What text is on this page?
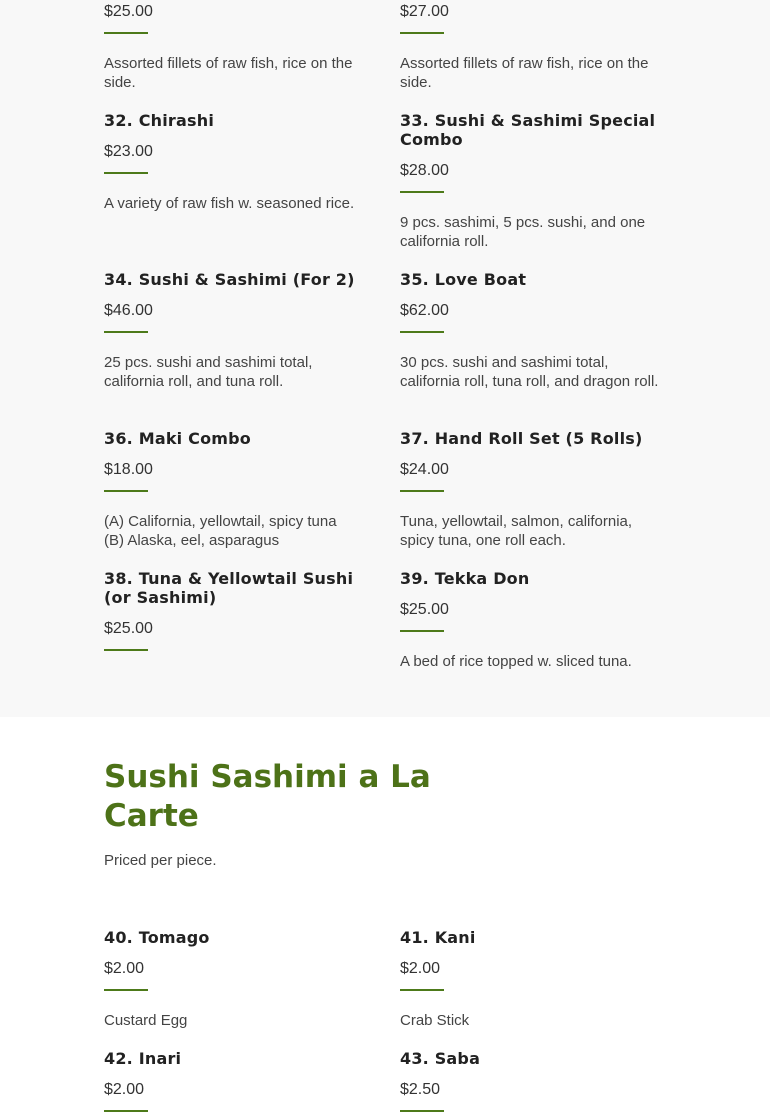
$25.00
Assorted fillets of raw fish, rice on the side.
$27.00
Assorted fillets of raw fish, rice on the side.
32. Chirashi
$23.00
A variety of raw fish w. seasoned rice.
33. Sushi & Sashimi Special Combo
$28.00
9 pcs. sashimi, 5 pcs. sushi, and one california roll.
34. Sushi & Sashimi (For 2)
$46.00
25 pcs. sushi and sashimi total, california roll, and tuna roll.
35. Love Boat
$62.00
30 pcs. sushi and sashimi total, california roll, tuna roll, and dragon roll.
36. Maki Combo
$18.00
(A) California, yellowtail, spicy tuna
(B) Alaska, eel, asparagus
37. Hand Roll Set (5 Rolls)
$24.00
Tuna, yellowtail, salmon, california, spicy tuna, one roll each.
38. Tuna & Yellowtail Sushi (or Sashimi)
$25.00
39. Tekka Don
$25.00
A bed of rice topped w. sliced tuna.
Sushi Sashimi a La Carte
Priced per piece.
40. Tomago
$2.00
Custard Egg
41. Kani
$2.00
Crab Stick
42. Inari
$2.00
43. Saba
$2.50
